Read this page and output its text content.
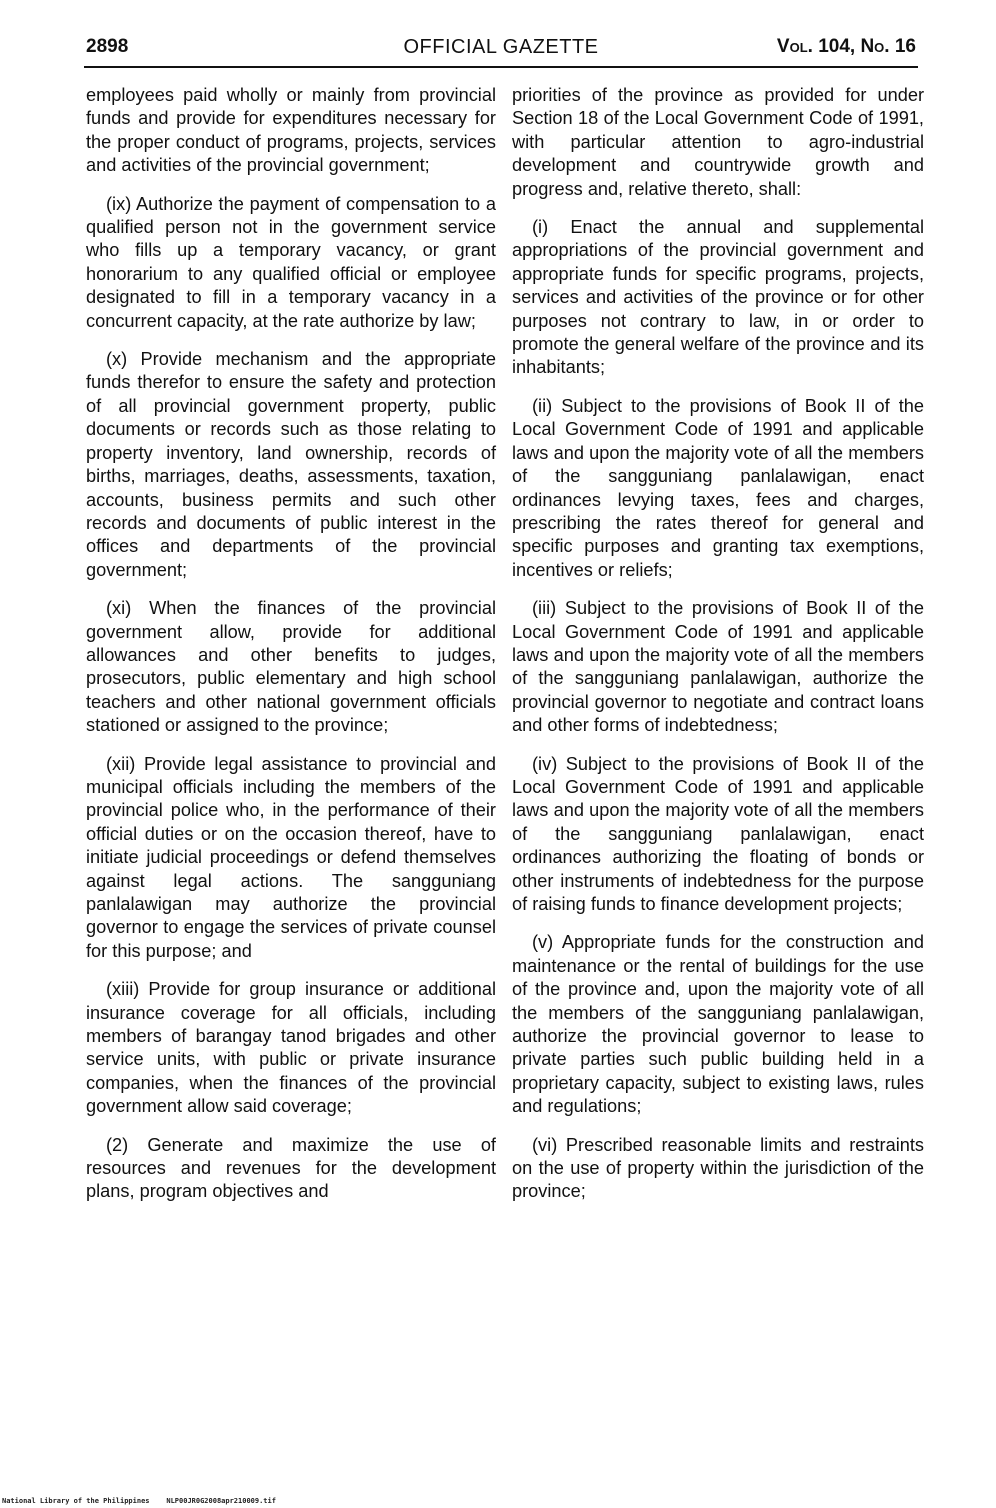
2898	OFFICIAL GAZETTE	Vol. 104, No. 16

employees paid wholly or mainly from provincial funds and provide for expenditures necessary for the proper conduct of programs, projects, services and activities of the provincial government;

(ix) Authorize the payment of compensation to a qualified person not in the government service who fills up a temporary vacancy, or grant honorarium to any qualified official or employee designated to fill in a temporary vacancy in a concurrent capacity, at the rate authorize by law;

(x) Provide mechanism and the appropriate funds therefor to ensure the safety and protection of all provincial government property, public documents or records such as those relating to property inventory, land ownership, records of births, marriages, deaths, assessments, taxation, accounts, business permits and such other records and documents of public interest in the offices and departments of the provincial government;

(xi) When the finances of the provincial government allow, provide for additional allowances and other benefits to judges, prosecutors, public elementary and high school teachers and other national government officials stationed or assigned to the province;

(xii) Provide legal assistance to provincial and municipal officials including the members of the provincial police who, in the performance of their official duties or on the occasion thereof, have to initiate judicial proceedings or defend themselves against legal actions. The sangguniang panlalawigan may authorize the provincial governor to engage the services of private counsel for this purpose; and

(xiii) Provide for group insurance or additional insurance coverage for all officials, including members of barangay tanod brigades and other service units, with public or private insurance companies, when the finances of the provincial government allow said coverage;

(2) Generate and maximize the use of resources and revenues for the development plans, program objectives and

priorities of the province as provided for under Section 18 of the Local Government Code of 1991, with particular attention to agro-industrial development and countrywide growth and progress and, relative thereto, shall:

(i) Enact the annual and supplemental appropriations of the provincial government and appropriate funds for specific programs, projects, services and activities of the province or for other purposes not contrary to law, in or order to promote the general welfare of the province and its inhabitants;

(ii) Subject to the provisions of Book II of the Local Government Code of 1991 and applicable laws and upon the majority vote of all the members of the sangguniang panlalawigan, enact ordinances levying taxes, fees and charges, prescribing the rates thereof for general and specific purposes and granting tax exemptions, incentives or reliefs;

(iii) Subject to the provisions of Book II of the Local Government Code of 1991 and applicable laws and upon the majority vote of all the members of the sangguniang panlalawigan, authorize the provincial governor to negotiate and contract loans and other forms of indebtedness;

(iv) Subject to the provisions of Book II of the Local Government Code of 1991 and applicable laws and upon the majority vote of all the members of the sangguniang panlalawigan, enact ordinances authorizing the floating of bonds or other instruments of indebtedness for the purpose of raising funds to finance development projects;

(v) Appropriate funds for the construction and maintenance or the rental of buildings for the use of the province and, upon the majority vote of all the members of the sangguniang panlalawigan, authorize the provincial governor to lease to private parties such public building held in a proprietary capacity, subject to existing laws, rules and regulations;

(vi) Prescribed reasonable limits and restraints on the use of property within the jurisdiction of the province;

National Library of the Philippines NLP00JR0G2008apr210009.tif
